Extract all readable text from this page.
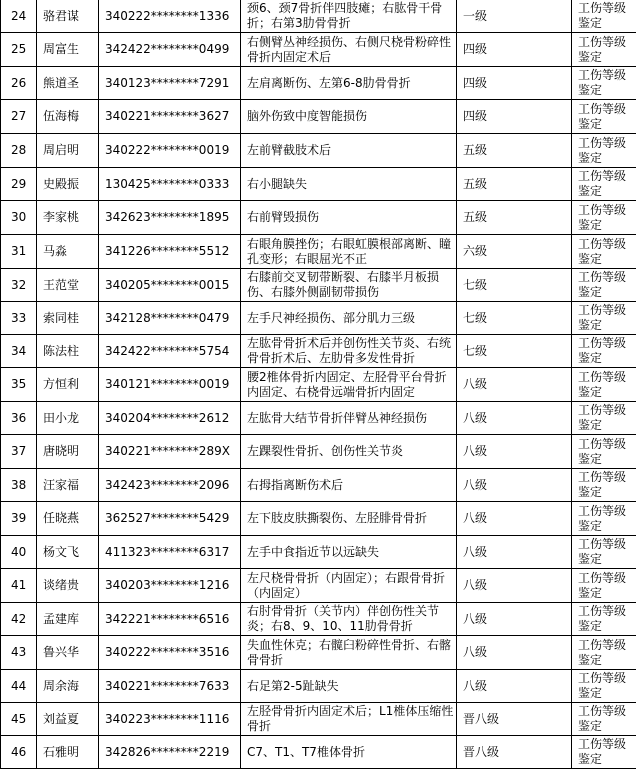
24	骆君谋	340222********1336	颈6、颈7骨折伴四肢瘫；右肱骨干骨折；右第3肋骨骨折	一级	工伤等级鉴定
25	周富生	342422********0499	右侧臂丛神经损伤、右侧尺桡骨粉碎性骨折内固定术后	四级	工伤等级鉴定
26	熊道圣	340123********7291	左肩离断伤、左第6-8肋骨骨折	四级	工伤等级鉴定
27	伍海梅	340221********3627	脑外伤致中度智能损伤	四级	工伤等级鉴定
28	周启明	340222********0019	左前臂截肢术后	五级	工伤等级鉴定
29	史殿振	130425********0333	右小腿缺失	五级	工伤等级鉴定
30	李家桃	342623********1895	右前臂毁损伤	五级	工伤等级鉴定
31	马淼	341226********5512	右眼角膜挫伤；右眼虹膜根部离断、瞳孔变形；右眼屈光不正	六级	工伤等级鉴定
32	王范堂	340205********0015	右膝前交叉韧带断裂、右膝半月板损伤、右膝外侧副韧带损伤	七级	工伤等级鉴定
33	索同桂	342128********0479	左手尺神经损伤、部分肌力三级	七级	工伤等级鉴定
34	陈法柱	342422********5754	左肱骨骨折术后并创伤性关节炎、右统骨骨折术后、左肋骨多发性骨折	七级	工伤等级鉴定
35	方恒利	340121********0019	腰2椎体骨折内固定、左胫骨平台骨折内固定、右桡骨远端骨折内固定	八级	工伤等级鉴定
36	田小龙	340204********2612	左肱骨大结节骨折伴臂丛神经损伤	八级	工伤等级鉴定
37	唐晓明	340221********289X	左踝裂性骨折、创伤性关节炎	八级	工伤等级鉴定
38	汪家福	342423********2096	右拇指离断伤术后	八级	工伤等级鉴定
39	任晓燕	362527********5429	左下肢皮肤撕裂伤、左胫腓骨骨折	八级	工伤等级鉴定
40	杨文飞	411323********6317	左手中食指近节以远缺失	八级	工伤等级鉴定
41	谈绪贵	340203********1216	左尺桡骨骨折（内固定）；右跟骨骨折（内固定）	八级	工伤等级鉴定
42	孟建库	342221********6516	右肘骨骨折（关节内）伴创伤性关节炎；右8、9、10、11肋骨骨折	八级	工伤等级鉴定
43	鲁兴华	340222********3516	失血性休克；右髋臼粉碎性骨折、右髂骨骨折	八级	工伤等级鉴定
44	周余海	340221********7633	右足第2-5趾缺失	八级	工伤等级鉴定
45	刘益夏	340223********1116	左胫骨骨折内固定术后；L1椎体压缩性骨折	晋八级	工伤等级鉴定
46	石雅明	342826********2219	C7、T1、T7椎体骨折	晋八级	工伤等级鉴定
